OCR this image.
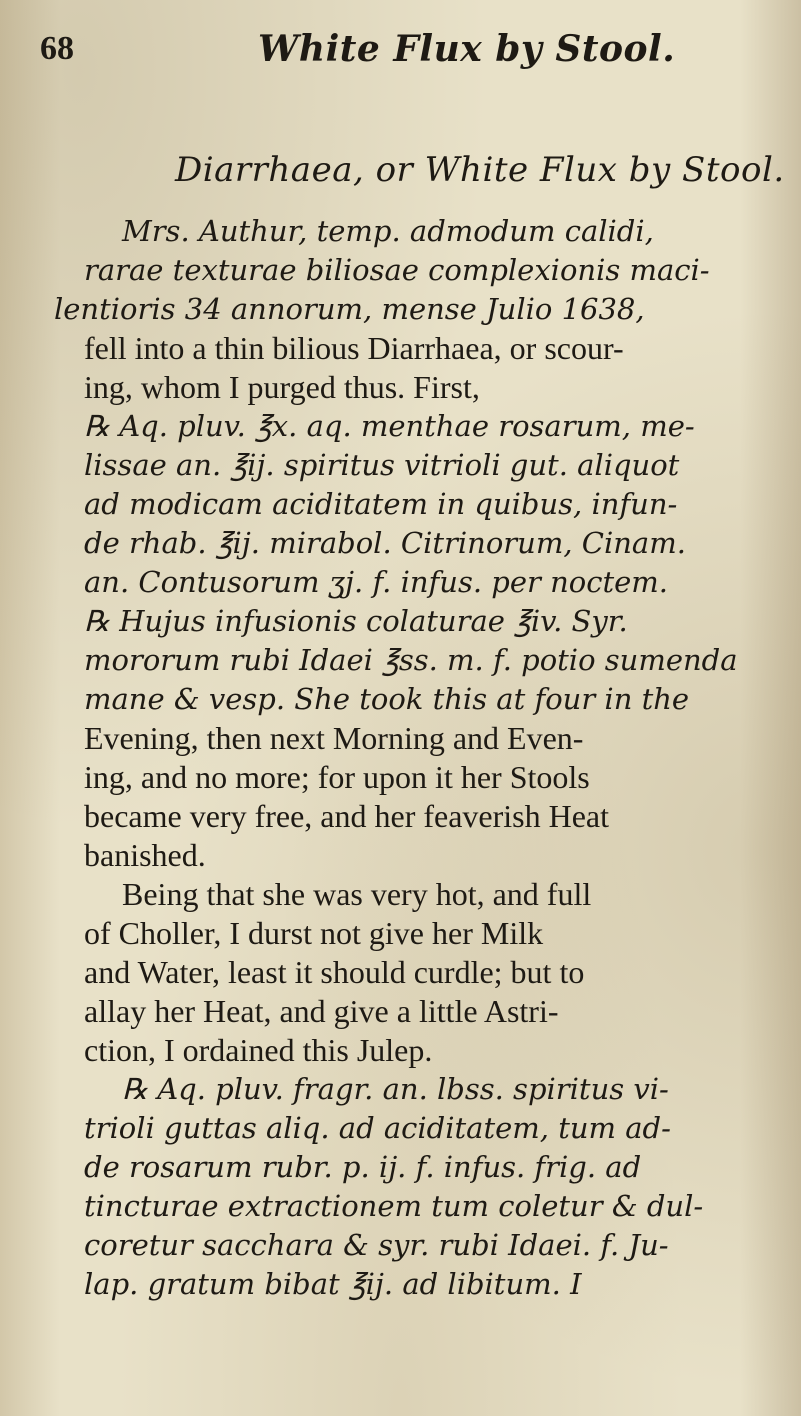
68	White Flux by Stool.
Diarrhaea, or White Flux by Stool.
Mrs. Authur, temp. admodum calidi,
rarae texturae biliosae complexionis maci-
lentioris 34 annorum, mense Julio 1638,
fell into a thin bilious Diarrhaea, or scour-
ing, whom I purged thus. First,
℞ Aq. pluv. ℥x. aq. menthae rosarum, me-
lissae an. ℥ij. spiritus vitrioli gut. aliquot
ad modicam aciditatem in quibus, infun-
de rhab. ℥ij. mirabol. Citrinorum, Cinam.
an. Contusorum ʒj. f. infus. per noctem.
℞ Hujus infusionis colaturae ℥iv. Syr.
mororum rubi Idaei ℥ss. m. f. potio sumenda
mane & vesp. She took this at four in the
Evening, then next Morning and Even-
ing, and no more; for upon it her Stools
became very free, and her feaverish Heat
banished.
Being that she was very hot, and full
of Choller, I durst not give her Milk
and Water, least it should curdle; but to
allay her Heat, and give a little Astri-
ction, I ordained this Julep.
℞ Aq. pluv. fragr. an. lbss. spiritus vi-
trioli guttas aliq. ad aciditatem, tum ad-
de rosarum rubr. p. ij. f. infus. frig. ad
tincturae extractionem tum coletur & dul-
coretur sacchara & syr. rubi Idaei. f. Ju-
lap. gratum bibat ℥ij. ad libitum. I
